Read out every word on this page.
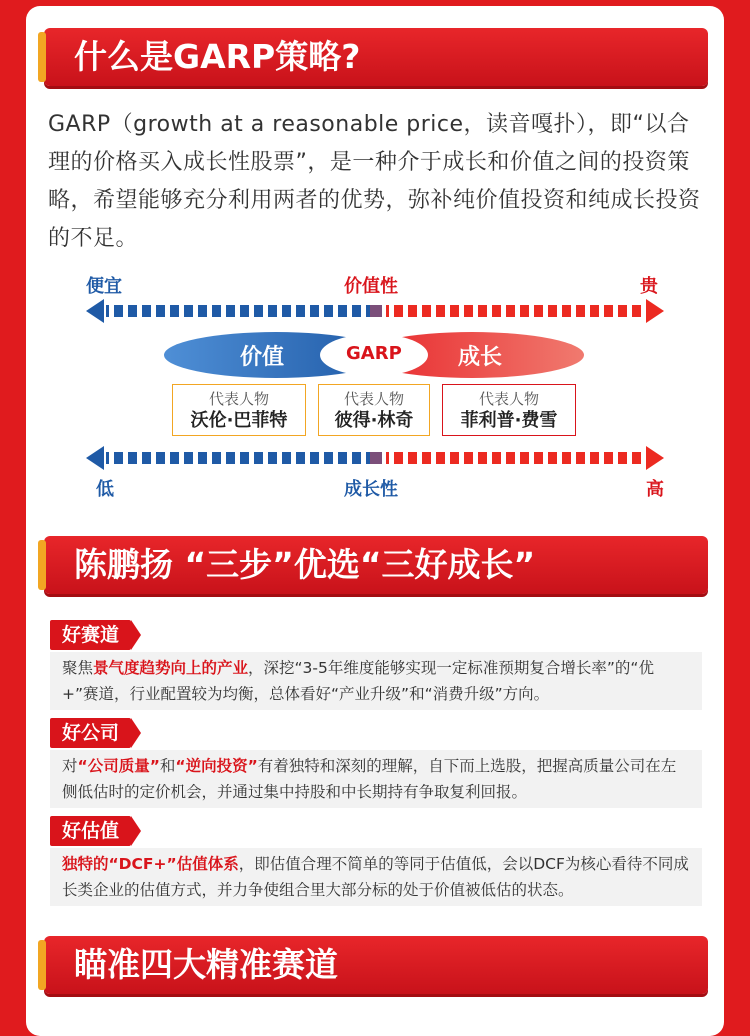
什么是GARP策略?
GARP（growth at a reasonable price，读音嘎扑），即“以合理的价格买入成长性股票”，是一种介于成长和价值之间的投资策略，希望能够充分利用两者的优势，弥补纯价值投资和纯成长投资的不足。
便宜	价值性	贵
价值	GARP	成长
代表人物
沃伦·巴菲特
代表人物
彼得·林奇
代表人物
菲利普·费雪
低	成长性	高
陈鹏扬 “三步”优选“三好成长”
好赛道
聚焦景气度趋势向上的产业，深挖“3-5年维度能够实现一定标准预期复合增长率”的“优+”赛道，行业配置较为均衡，总体看好“产业升级”和“消费升级”方向。
好公司
对“公司质量”和“逆向投资”有着独特和深刻的理解，自下而上选股，把握高质量公司在左侧低估时的定价机会，并通过集中持股和中长期持有争取复利回报。
好估值
独特的“DCF+”估值体系，即估值合理不简单的等同于估值低，会以DCF为核心看待不同成长类企业的估值方式，并力争使组合里大部分标的处于价值被低估的状态。
瞄准四大精准赛道
